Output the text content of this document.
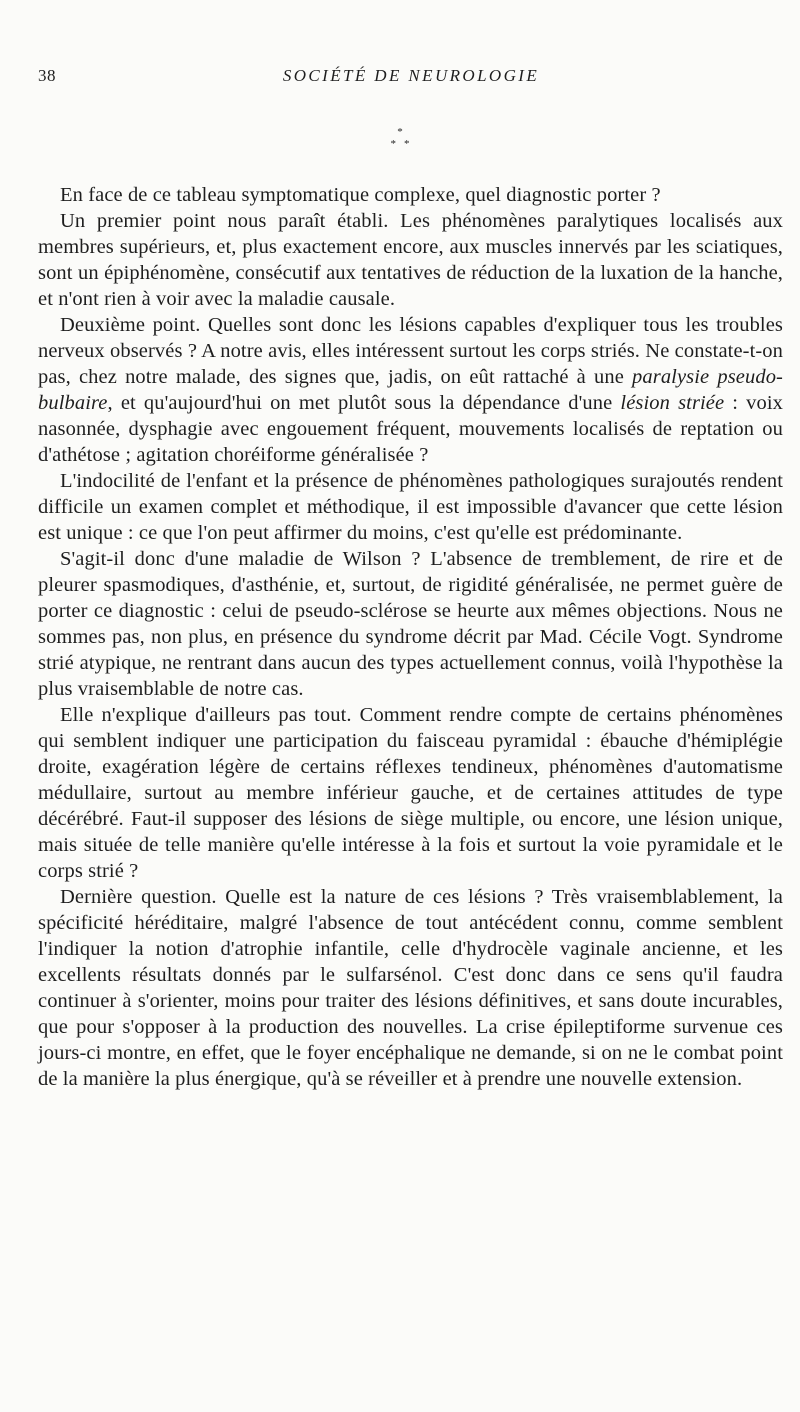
38	SOCIÉTÉ DE NEUROLOGIE
*
* *

En face de ce tableau symptomatique complexe, quel diagnostic porter ?

Un premier point nous paraît établi. Les phénomènes paralytiques localisés aux membres supérieurs, et, plus exactement encore, aux muscles innervés par les sciatiques, sont un épiphénomène, consécutif aux tentatives de réduction de la luxation de la hanche, et n'ont rien à voir avec la maladie causale.

Deuxième point. Quelles sont donc les lésions capables d'expliquer tous les troubles nerveux observés ? A notre avis, elles intéressent surtout les corps striés. Ne constate-t-on pas, chez notre malade, des signes que, jadis, on eût rattaché à une paralysie pseudo-bulbaire, et qu'aujourd'hui on met plutôt sous la dépendance d'une lésion striée : voix nasonnée, dysphagie avec engouement fréquent, mouvements localisés de reptation ou d'athétose ; agitation choréiforme généralisée ?

L'indocilité de l'enfant et la présence de phénomènes pathologiques surajoutés rendent difficile un examen complet et méthodique, il est impossible d'avancer que cette lésion est unique : ce que l'on peut affirmer du moins, c'est qu'elle est prédominante.

S'agit-il donc d'une maladie de Wilson ? L'absence de tremblement, de rire et de pleurer spasmodiques, d'asthénie, et, surtout, de rigidité généralisée, ne permet guère de porter ce diagnostic : celui de pseudo-sclérose se heurte aux mêmes objections. Nous ne sommes pas, non plus, en présence du syndrome décrit par Mad. Cécile Vogt. Syndrome strié atypique, ne rentrant dans aucun des types actuellement connus, voilà l'hypothèse la plus vraisemblable de notre cas.

Elle n'explique d'ailleurs pas tout. Comment rendre compte de certains phénomènes qui semblent indiquer une participation du faisceau pyramidal : ébauche d'hémiplégie droite, exagération légère de certains réflexes tendineux, phénomènes d'automatisme médullaire, surtout au membre inférieur gauche, et de certaines attitudes de type décérébré. Faut-il supposer des lésions de siège multiple, ou encore, une lésion unique, mais située de telle manière qu'elle intéresse à la fois et surtout la voie pyramidale et le corps strié ?

Dernière question. Quelle est la nature de ces lésions ? Très vraisemblablement, la spécificité héréditaire, malgré l'absence de tout antécédent connu, comme semblent l'indiquer la notion d'atrophie infantile, celle d'hydrocèle vaginale ancienne, et les excellents résultats donnés par le sulfarsénol. C'est donc dans ce sens qu'il faudra continuer à s'orienter, moins pour traiter des lésions définitives, et sans doute incurables, que pour s'opposer à la production des nouvelles. La crise épileptiforme survenue ces jours-ci montre, en effet, que le foyer encéphalique ne demande, si on ne le combat point de la manière la plus énergique, qu'à se réveiller et à prendre une nouvelle extension.
